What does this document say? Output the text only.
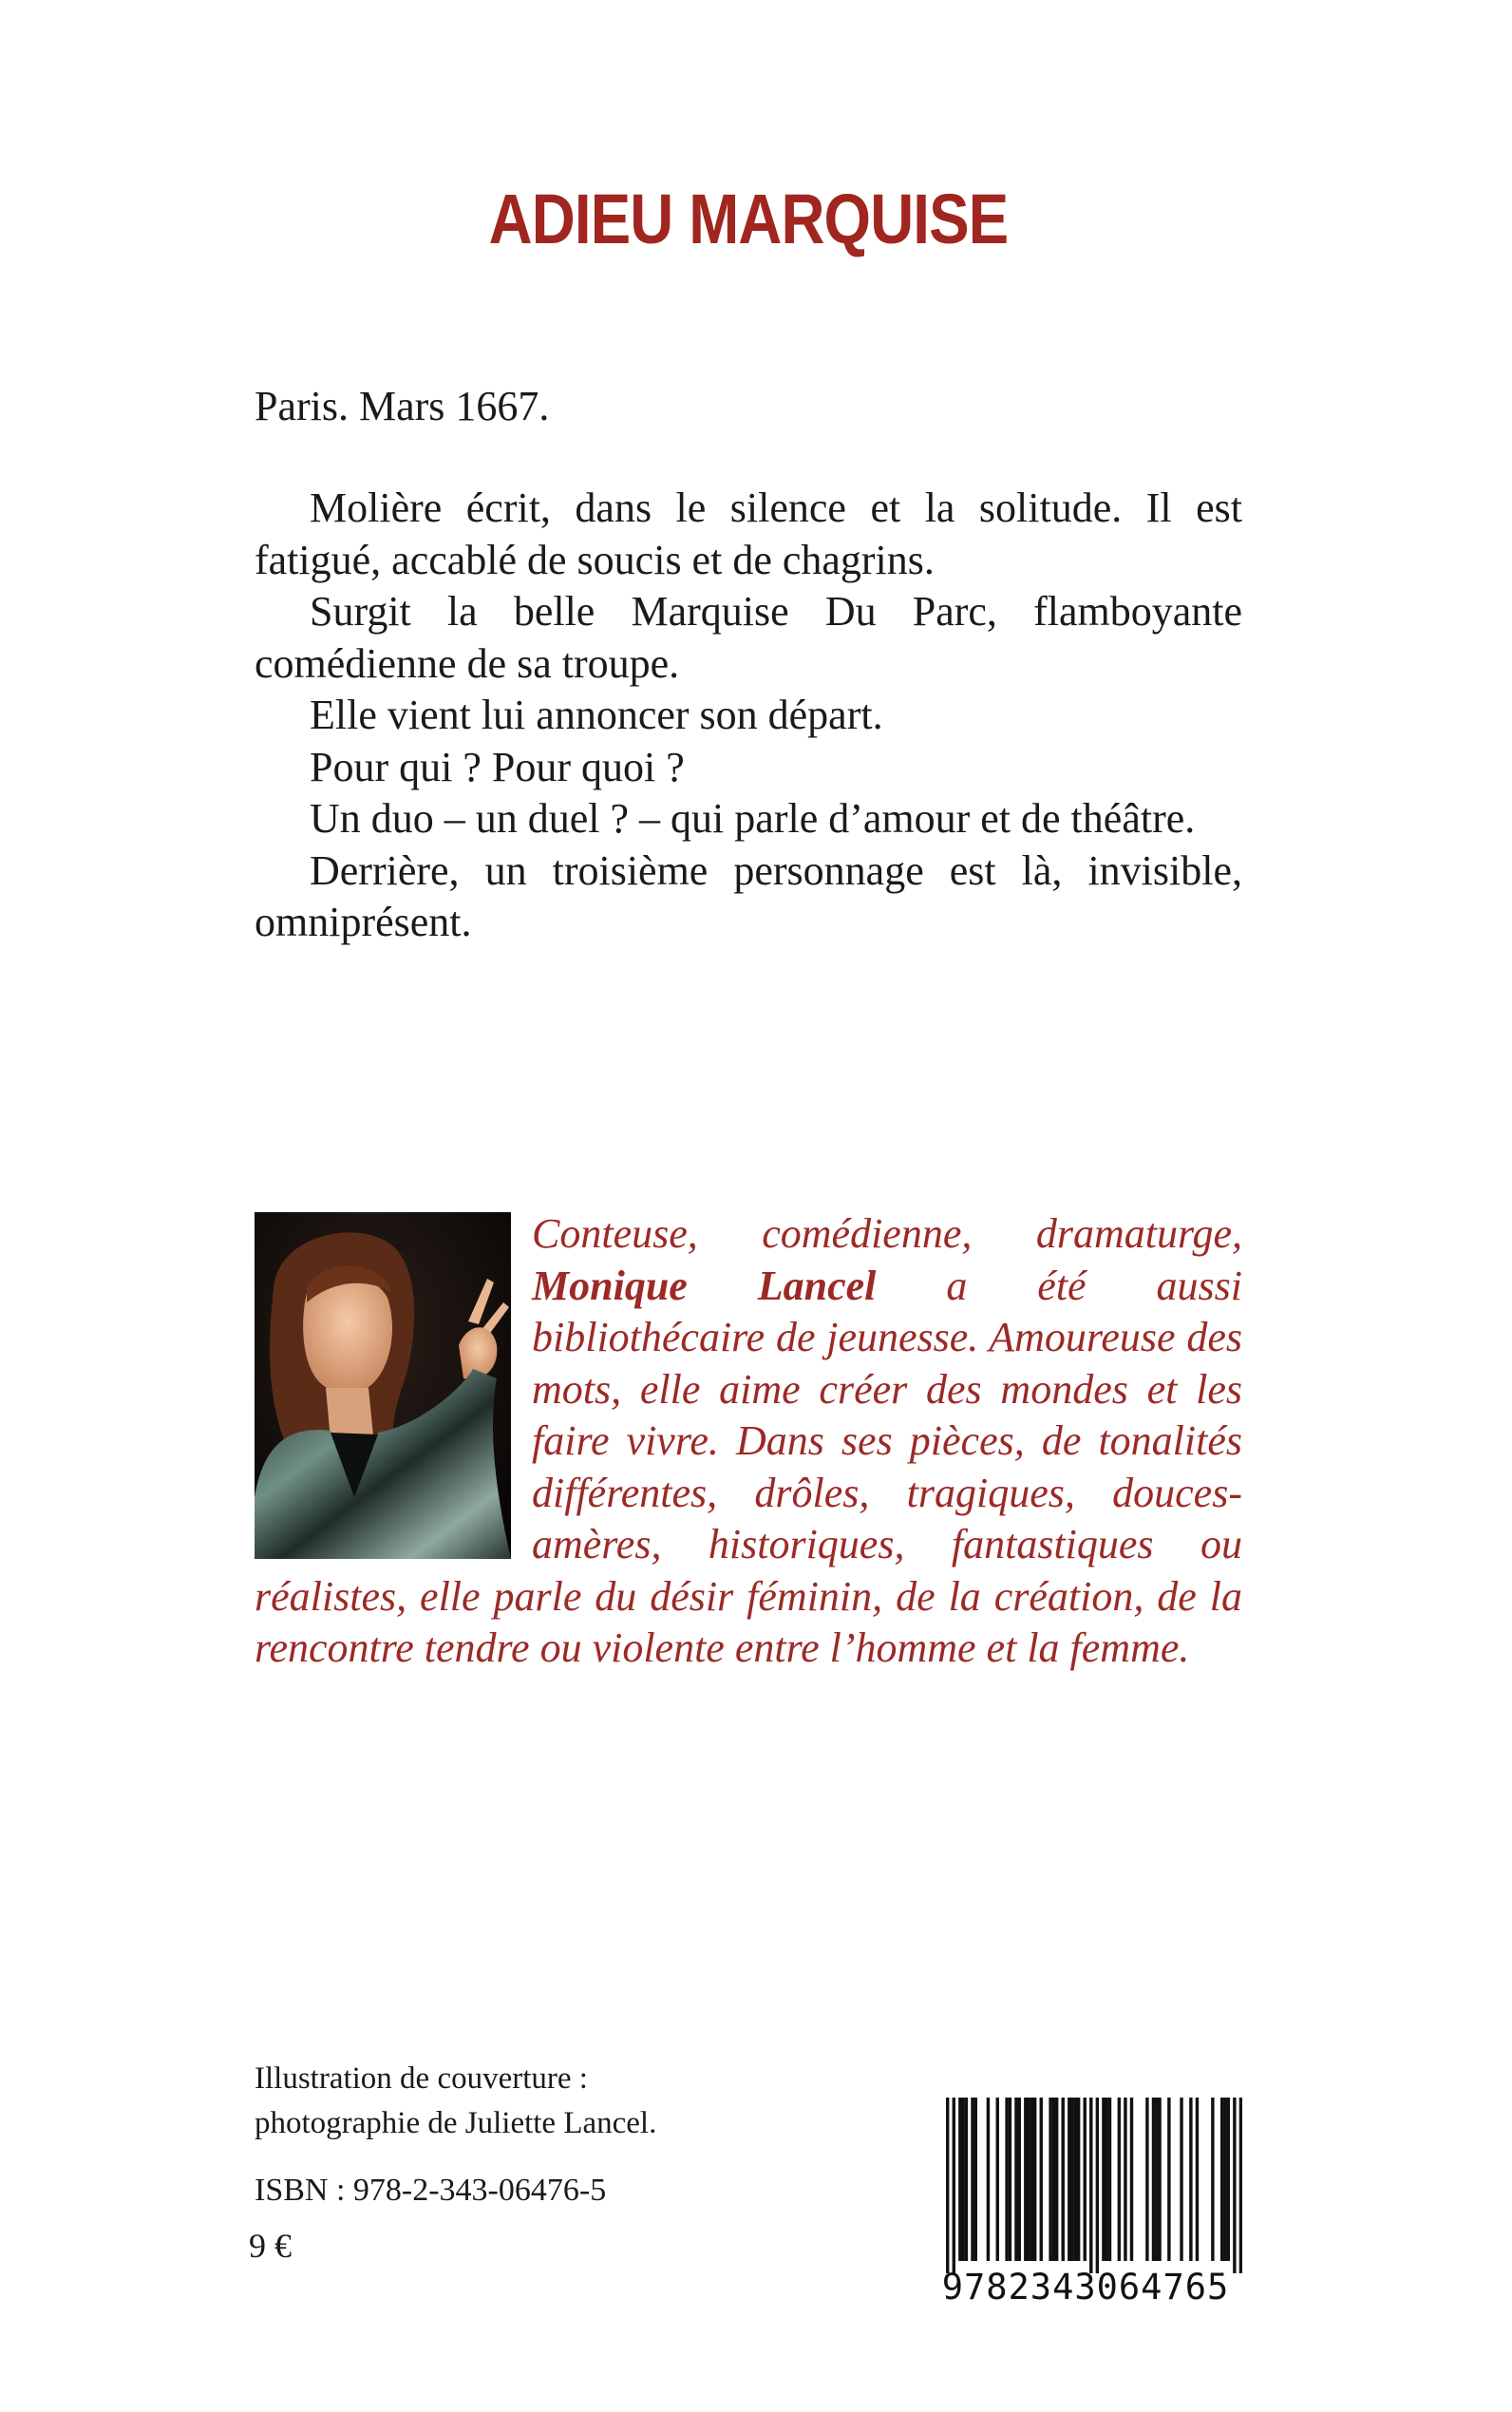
ADIEU MARQUISE

Paris. Mars 1667.

Molière écrit, dans le silence et la solitude. Il est fatigué, accablé de soucis et de chagrins.

Surgit la belle Marquise Du Parc, flamboyante comédienne de sa troupe.

Elle vient lui annoncer son départ.

Pour qui ? Pour quoi ?

Un duo – un duel ? – qui parle d’amour et de théâtre.

Derrière, un troisième personnage est là, invisible, omniprésent.

Conteuse, comédienne, dramaturge, Monique Lancel a été aussi bibliothécaire de jeunesse. Amoureuse des mots, elle aime créer des mondes et les faire vivre. Dans ses pièces, de tonalités différentes, drôles, tragiques, douces-amères, historiques, fantastiques ou réalistes, elle parle du désir féminin, de la création, de la rencontre tendre ou violente entre l’homme et la femme.

Illustration de couverture :

photographie de Juliette Lancel.

ISBN : 978-2-343-06476-5

9 €

9782343064765
